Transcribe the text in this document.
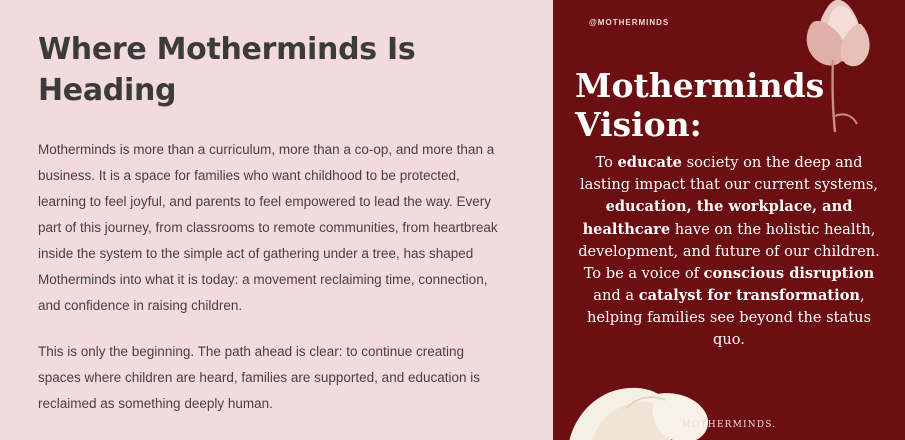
Where Motherminds Is Heading

Motherminds is more than a curriculum, more than a co-op, and more than a business. It is a space for families who want childhood to be protected, learning to feel joyful, and parents to feel empowered to lead the way. Every part of this journey, from classrooms to remote communities, from heartbreak inside the system to the simple act of gathering under a tree, has shaped Motherminds into what it is today: a movement reclaiming time, connection, and confidence in raising children.

This is only the beginning. The path ahead is clear: to continue creating spaces where children are heard, families are supported, and education is reclaimed as something deeply human.

@MOTHERMINDS
Motherminds Vision:
To educate society on the deep and lasting impact that our current systems, education, the workplace, and healthcare have on the holistic health, development, and future of our children. To be a voice of conscious disruption and a catalyst for transformation, helping families see beyond the status quo.
MOTHERMINDS.
